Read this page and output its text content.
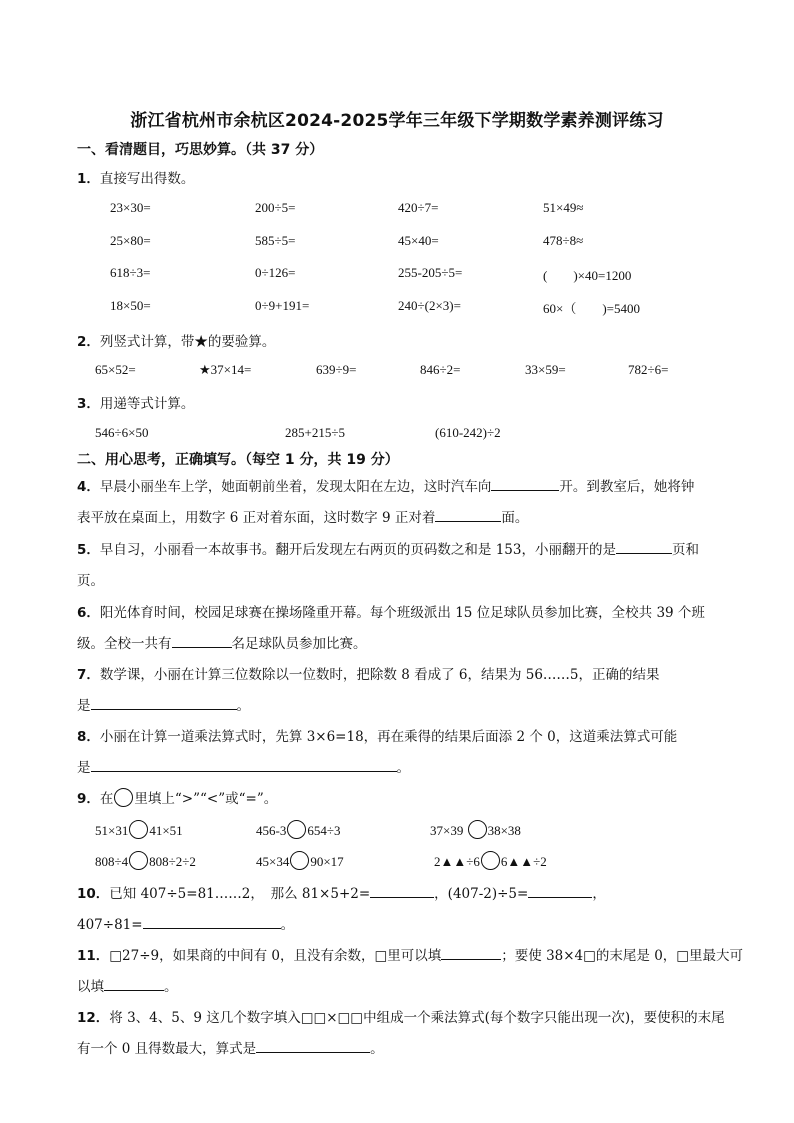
浙江省杭州市余杭区2024-2025学年三年级下学期数学素养测评练习
一、看清题目，巧思妙算。（共 37 分）
1．直接写出得数。
23×30=	200÷5=	420÷7=	51×49≈
25×80=	585÷5=	45×40=	478÷8≈
618÷3=	0÷126=	255-205÷5=	(　　)×40=1200
18×50=	0÷9+191=	240÷(2×3)=	60×（　　)=5400
2．列竖式计算，带★的要验算。
65×52=	★37×14=	639÷9=	846÷2=	33×59=	782÷6=
3．用递等式计算。
546÷6×50	285+215÷5	(610-242)÷2
二、用心思考，正确填写。（每空 1 分，共 19 分）
4．早晨小丽坐车上学，她面朝前坐着，发现太阳在左边，这时汽车向	开。到教室后，她将钟
表平放在桌面上，用数字 6 正对着东面，这时数字 9 正对着	面。
5．早自习，小丽看一本故事书。翻开后发现左右两页的页码数之和是 153，小丽翻开的是	页和
页。
6．阳光体育时间，校园足球赛在操场隆重开幕。每个班级派出 15 位足球队员参加比赛，全校共 39 个班
级。全校一共有	名足球队员参加比赛。
7．数学课，小丽在计算三位数除以一位数时，把除数 8 看成了 6，结果为 56……5，正确的结果
是	。
8．小丽在计算一道乘法算式时，先算 3×6=18，再在乘得的结果后面添 2 个 0，这道乘法算式可能
是	。
9．在 里填上“>”“<”或“=”。
51×31 41×51	456-3 654÷3	37×39 38×38
808÷4 808÷2÷2	45×34 90×17	2▲▲÷6 6▲▲÷2
10．已知 407÷5=81……2，　那么 81×5+2=	，(407-2)÷5=	，
407÷81=	。
11．□27÷9，如果商的中间有 0，且没有余数，□里可以填	；要使 38×4□的末尾是 0，□里最大可
以填	。
12．将 3、4、5、9 这几个数字填入□□×□□中组成一个乘法算式(每个数字只能出现一次)，要使积的末尾
有一个 0 且得数最大，算式是	。
